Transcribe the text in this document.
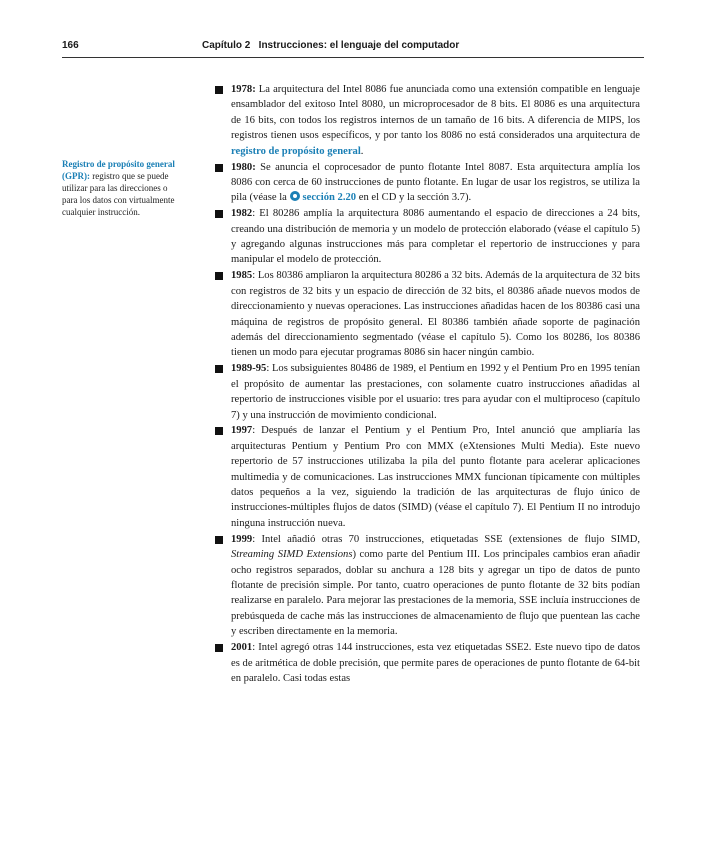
166	Capítulo 2   Instrucciones: el lenguaje del computador
Registro de propósito general (GPR): registro que se puede utilizar para las direcciones o para los datos con virtualmente cualquier instrucción.
1978: La arquitectura del Intel 8086 fue anunciada como una extensión compatible en lenguaje ensamblador del exitoso Intel 8080, un microprocesador de 8 bits. El 8086 es una arquitectura de 16 bits, con todos los registros internos de un tamaño de 16 bits. A diferencia de MIPS, los registros tienen usos específicos, y por tanto los 8086 no está considerados una arquitectura de registro de propósito general.
1980: Se anuncia el coprocesador de punto flotante Intel 8087. Esta arquitectura amplía los 8086 con cerca de 60 instrucciones de punto flotante. En lugar de usar los registros, se utiliza la pila (véase la sección 2.20 en el CD y la sección 3.7).
1982: El 80286 amplía la arquitectura 8086 aumentando el espacio de direcciones a 24 bits, creando una distribución de memoria y un modelo de protección elaborado (véase el capítulo 5) y agregando algunas instrucciones más para completar el repertorio de instrucciones y para manipular el modelo de protección.
1985: Los 80386 ampliaron la arquitectura 80286 a 32 bits. Además de la arquitectura de 32 bits con registros de 32 bits y un espacio de dirección de 32 bits, el 80386 añade nuevos modos de direccionamiento y nuevas operaciones. Las instrucciones añadidas hacen de los 80386 casi una máquina de registros de propósito general. El 80386 también añade soporte de paginación además del direccionamiento segmentado (véase el capítulo 5). Como los 80286, los 80386 tienen un modo para ejecutar programas 8086 sin hacer ningún cambio.
1989-95: Los subsiguientes 80486 de 1989, el Pentium en 1992 y el Pentium Pro en 1995 tenían el propósito de aumentar las prestaciones, con solamente cuatro instrucciones añadidas al repertorio de instrucciones visible por el usuario: tres para ayudar con el multiproceso (capítulo 7) y una instrucción de movimiento condicional.
1997: Después de lanzar el Pentium y el Pentium Pro, Intel anunció que ampliaría las arquitecturas Pentium y Pentium Pro con MMX (eXtensiones Multi Media). Este nuevo repertorio de 57 instrucciones utilizaba la pila del punto flotante para acelerar aplicaciones multimedia y de comunicaciones. Las instrucciones MMX funcionan típicamente con múltiples datos pequeños a la vez, siguiendo la tradición de las arquitecturas de flujo único de instrucciones-múltiples flujos de datos (SIMD) (véase el capítulo 7). El Pentium II no introdujo ninguna instrucción nueva.
1999: Intel añadió otras 70 instrucciones, etiquetadas SSE (extensiones de flujo SIMD, Streaming SIMD Extensions) como parte del Pentium III. Los principales cambios eran añadir ocho registros separados, doblar su anchura a 128 bits y agregar un tipo de datos de punto flotante de precisión simple. Por tanto, cuatro operaciones de punto flotante de 32 bits podían realizarse en paralelo. Para mejorar las prestaciones de la memoria, SSE incluía instrucciones de prebúsqueda de cache más las instrucciones de almacenamiento de flujo que puentean las cache y escriben directamente en la memoria.
2001: Intel agregó otras 144 instrucciones, esta vez etiquetadas SSE2. Este nuevo tipo de datos es de aritmética de doble precisión, que permite pares de operaciones de punto flotante de 64-bit en paralelo. Casi todas estas
